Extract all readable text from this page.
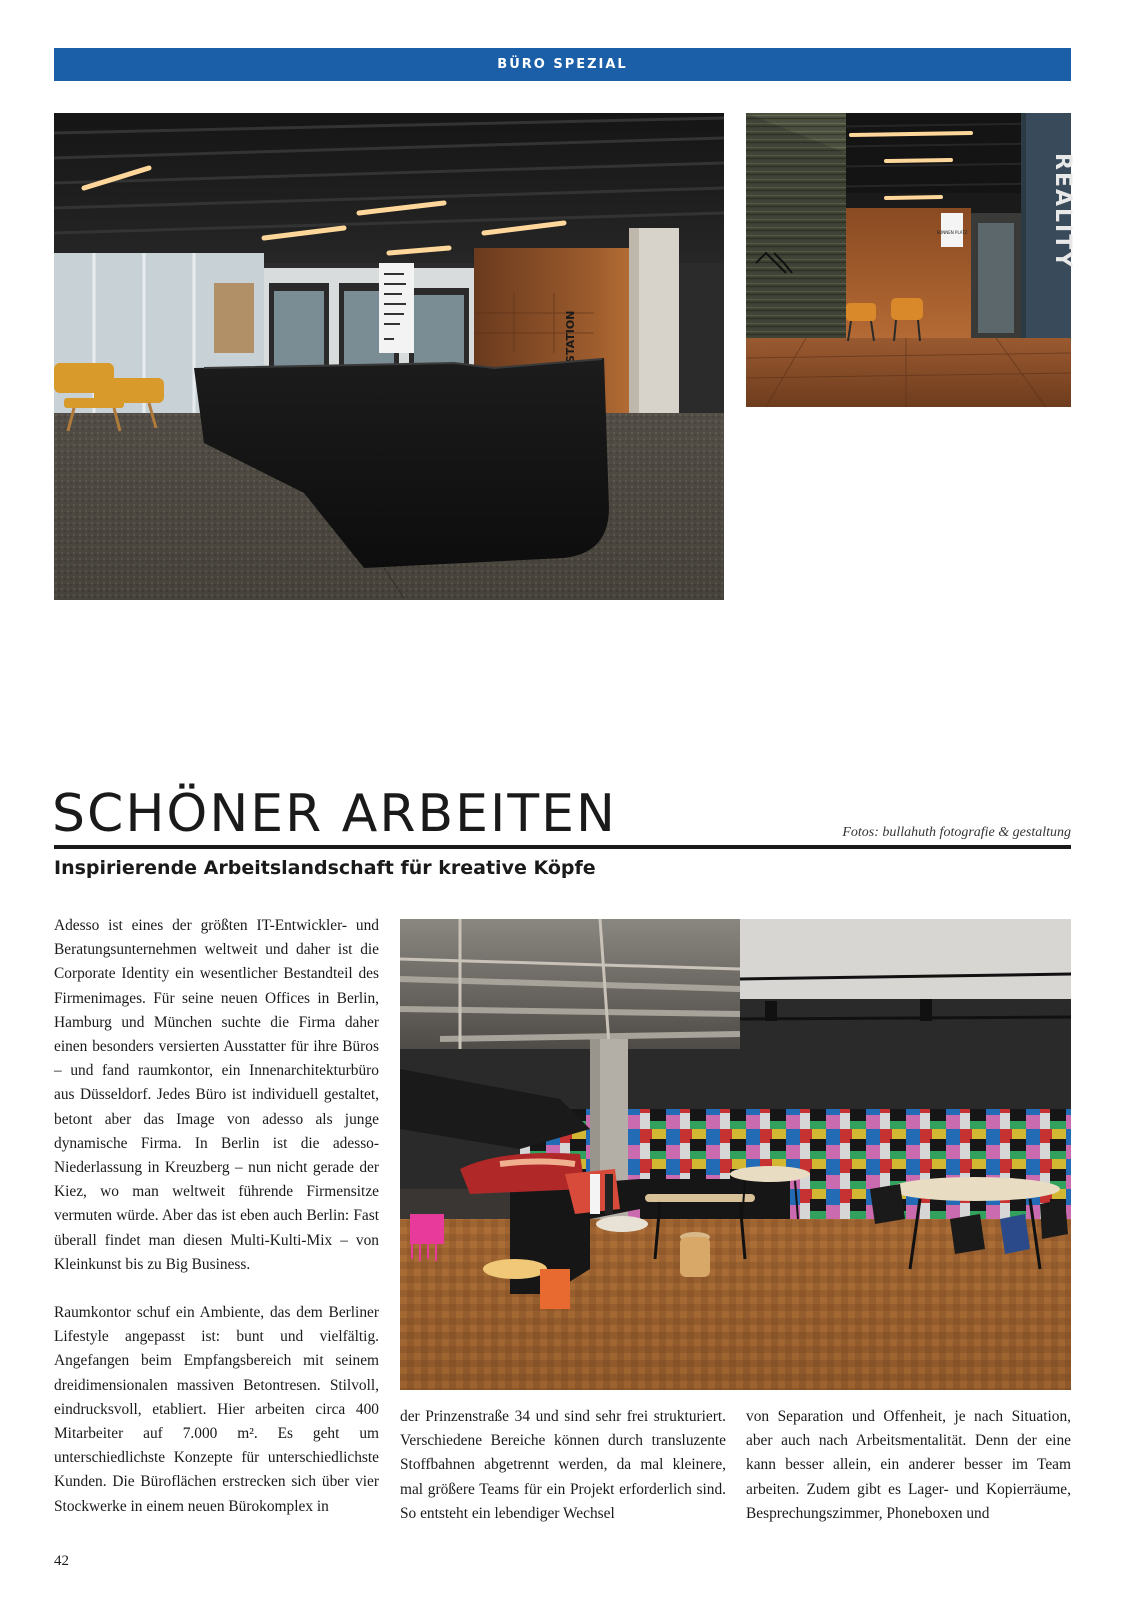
BÜRO SPEZIAL
STATION
SONNEN PLATZ	REALITY
SCHÖNER ARBEITEN	Fotos: bullahuth fotografie & gestaltung
Inspirierende Arbeitslandschaft für kreative Köpfe

Adesso ist eines der größten IT-Entwickler- und Beratungsunternehmen weltweit und daher ist die Corporate Identity ein wesentlicher Bestandteil des Firmenimages. Für seine neuen Offices in Berlin, Hamburg und München suchte die Firma daher einen besonders versierten Ausstatter für ihre Büros – und fand raumkontor, ein Innenarchitekturbüro aus Düsseldorf. Jedes Büro ist individuell gestaltet, betont aber das Image von adesso als junge dynamische Firma. In Berlin ist die adesso-Niederlassung in Kreuzberg – nun nicht gerade der Kiez, wo man weltweit führende Firmensitze vermuten würde. Aber das ist eben auch Berlin: Fast überall findet man diesen Multi-Kulti-Mix – von Kleinkunst bis zu Big Business.

Raumkontor schuf ein Ambiente, das dem Berliner Lifestyle angepasst ist: bunt und vielfältig. Angefangen beim Empfangsbereich mit seinem dreidimensionalen massiven Betontresen. Stilvoll, eindrucksvoll, etabliert. Hier arbeiten circa 400 Mitarbeiter auf 7.000 m². Es geht um unterschiedlichste Konzepte für unterschiedlichste Kunden. Die Büroflächen erstrecken sich über vier Stockwerke in einem neuen Bürokomplex in

der Prinzenstraße 34 und sind sehr frei strukturiert. Verschiedene Bereiche können durch transluzente Stoffbahnen abgetrennt werden, da mal kleinere, mal größere Teams für ein Projekt erforderlich sind. So entsteht ein lebendiger Wechsel

von Separation und Offenheit, je nach Situation, aber auch nach Arbeitsmentalität. Denn der eine kann besser allein, ein anderer besser im Team arbeiten. Zudem gibt es Lager- und Kopierräume, Besprechungszimmer, Phoneboxen und

42
